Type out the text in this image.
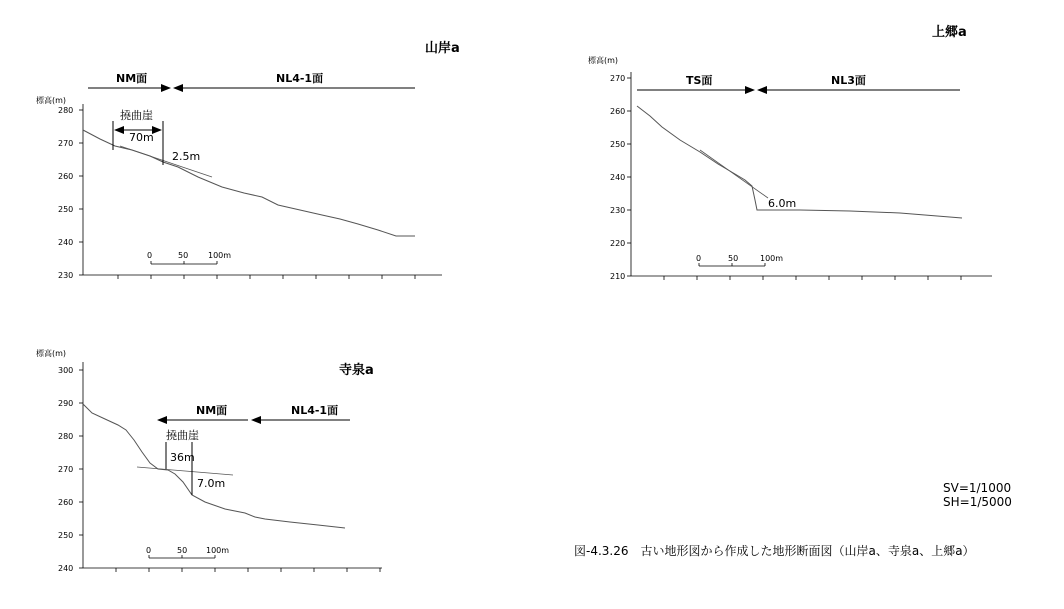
山岸a
標高(m)
280
270
260
250
240
230
NM面	NL4-1面
撓曲崖
70m
2.5m
0	50 100m
上郷a
標高(m)
270
260
250
240
230
220
210
TS面	NL3面
6.0m
0	50	100m
寺泉a
標高(m)
300
290
280
270
260
250
240
NM面	NL4-1面
撓曲崖
36m
7.0m
0	50 100m
SV=1/1000
SH=1/5000
図-4.3.26　古い地形図から作成した地形断面図（山岸a、寺泉a、上郷a）
